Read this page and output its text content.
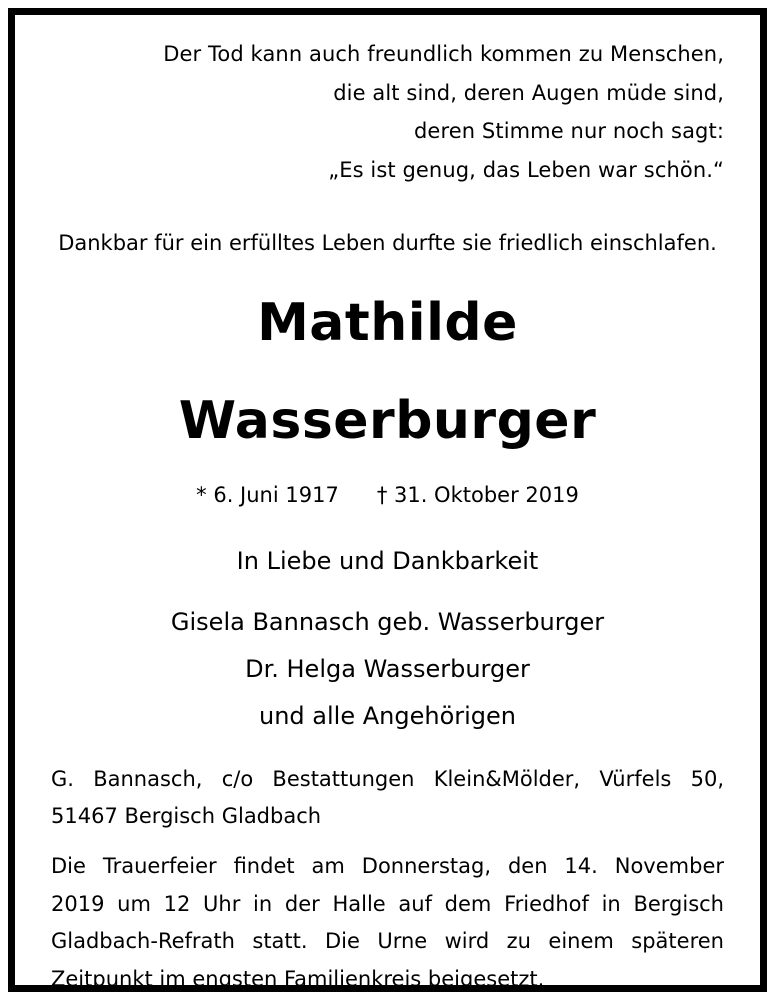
Der Tod kann auch freundlich kommen zu Menschen,
die alt sind, deren Augen müde sind,
deren Stimme nur noch sagt:
„Es ist genug, das Leben war schön.“
Dankbar für ein erfülltes Leben durfte sie friedlich einschlafen.
Mathilde
Wasserburger
* 6. Juni 1917 † 31. Oktober 2019
In Liebe und Dankbarkeit
Gisela Bannasch geb. Wasserburger
Dr. Helga Wasserburger
und alle Angehörigen
G. Bannasch, c/o Bestattungen Klein&Mölder, Vürfels 50,
51467 Bergisch Gladbach
Die Trauerfeier findet am Donnerstag, den 14. November
2019 um 12 Uhr in der Halle auf dem Friedhof in Bergisch
Gladbach-Refrath statt. Die Urne wird zu einem späteren
Zeitpunkt im engsten Familienkreis beigesetzt.
